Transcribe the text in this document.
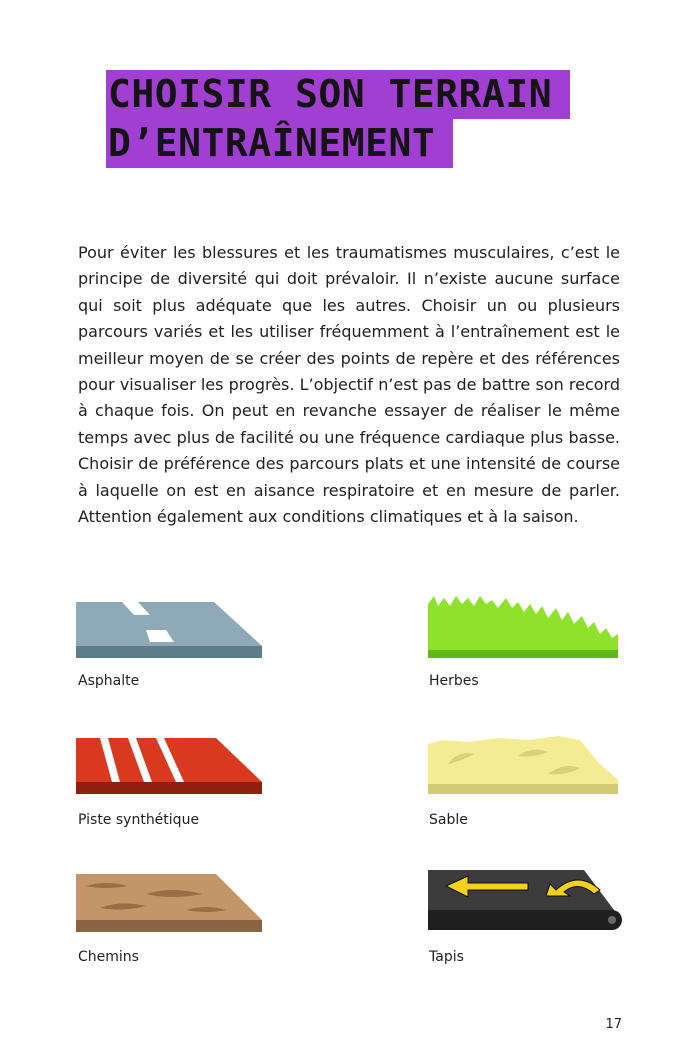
CHOISIR SON TERRAIN
D’ENTRAÎNEMENT

Pour éviter les blessures et les traumatismes musculaires, c’est le principe de diversité qui doit prévaloir. Il n’existe aucune surface qui soit plus adéquate que les autres. Choisir un ou plusieurs parcours variés et les utiliser fréquemment à l’entraînement est le meilleur moyen de se créer des points de repère et des références pour visualiser les progrès. L’objectif n’est pas de battre son record à chaque fois. On peut en revanche essayer de réaliser le même temps avec plus de facilité ou une fréquence cardiaque plus basse. Choisir de préférence des parcours plats et une intensité de course à laquelle on est en aisance respiratoire et en mesure de parler. Attention également aux conditions climatiques et à la saison.

Asphalte	Herbes
Piste synthétique	Sable
Chemins	Tapis
17
